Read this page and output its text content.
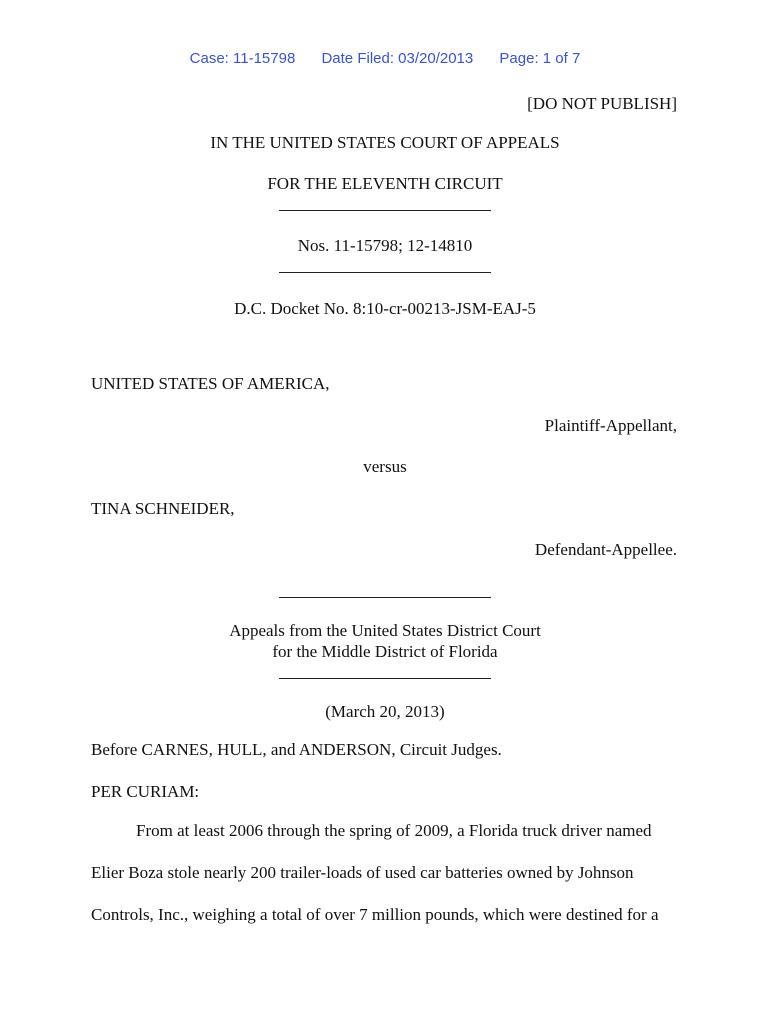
Case: 11-15798 Date Filed: 03/20/2013 Page: 1 of 7
[DO NOT PUBLISH]
IN THE UNITED STATES COURT OF APPEALS
FOR THE ELEVENTH CIRCUIT
Nos. 11-15798; 12-14810
D.C. Docket No. 8:10-cr-00213-JSM-EAJ-5
UNITED STATES OF AMERICA,
Plaintiff-Appellant,
versus
TINA SCHNEIDER,
Defendant-Appellee.
Appeals from the United States District Court
for the Middle District of Florida
(March 20, 2013)
Before CARNES, HULL, and ANDERSON, Circuit Judges.
PER CURIAM:
From at least 2006 through the spring of 2009, a Florida truck driver named
Elier Boza stole nearly 200 trailer-loads of used car batteries owned by Johnson
Controls, Inc., weighing a total of over 7 million pounds, which were destined for a
